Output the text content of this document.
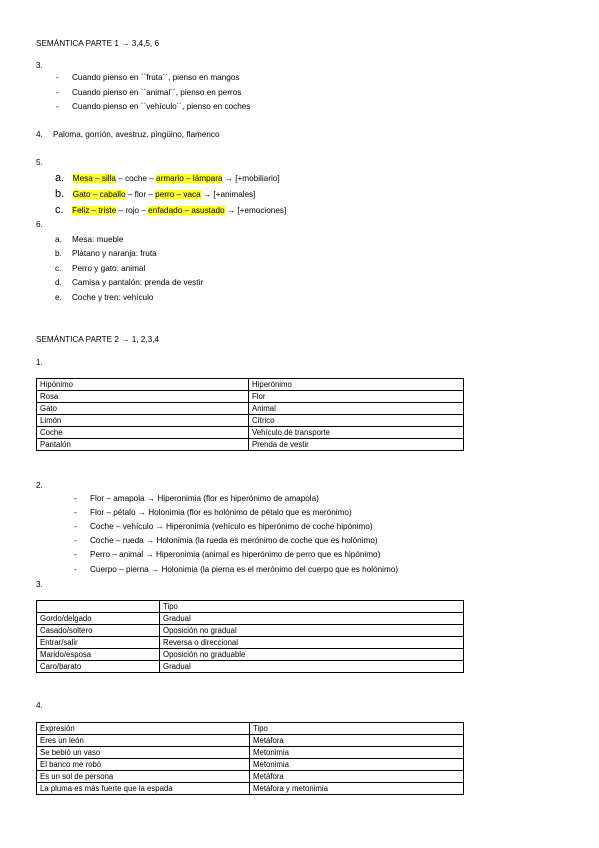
SEMÁNTICA PARTE 1 → 3,4,5, 6
3.
- Cuando pienso en ``fruta´´, pienso en mangos
- Cuando pienso en ``animal´´, pienso en perros
- Cuando pienso en ``vehículo´´, pienso en coches
4. Paloma, gorrión, avestruz, pingüino, flamenco
5.
a. Mesa – silla – coche – armario – lámpara → [+mobiliario]
b. Gato – caballo – flor – perro – vaca → [+animales]
c. Feliz – triste – rojo – enfadado – asustado → [+emociones]
6.
a. Mesa: mueble
b. Plátano y naranja: fruta
c. Perro y gato: animal
d. Camisa y pantalón: prenda de vestir
e. Coche y tren: vehículo
SEMÁNTICA PARTE 2 → 1, 2,3,4
1.
Hipónimo	Hiperónimo
Rosa	Flor
Gato	Animal
Limón	Cítrico
Coche	Vehículo de transporte
Pantalón	Prenda de vestir
2.
- Flor – amapola → Hiperonimia (flor es hiperónimo de amapola)
- Flor – pétalo → Holonimia (flor es holónimo de pétalo que es merónimo)
- Coche – vehículo → Hiperonimia (vehículo es hiperónimo de coche hipónimo)
- Coche – rueda → Holonimia (la rueda es merónimo de coche que es holónimo)
- Perro – animal → Hiperonimia (animal es hiperónimo de perro que es hipónimo)
- Cuerpo – pierna → Holonimia (la pierna es el merónimo del cuerpo que es holónimo)
3.
	Tipo
Gordo/delgado	Gradual
Casado/soltero	Oposición no gradual
Entrar/salir	Reversa o direccional
Marido/esposa	Oposición no graduable
Caro/barato	Gradual
4.
Expresión	Tipo
Eres un león	Metáfora
Se bebió un vaso	Metonimia
El banco me robó	Metonimia
Es un sol de persona	Metáfora
La pluma es más fuerte que la espada	Metáfora y metonimia
